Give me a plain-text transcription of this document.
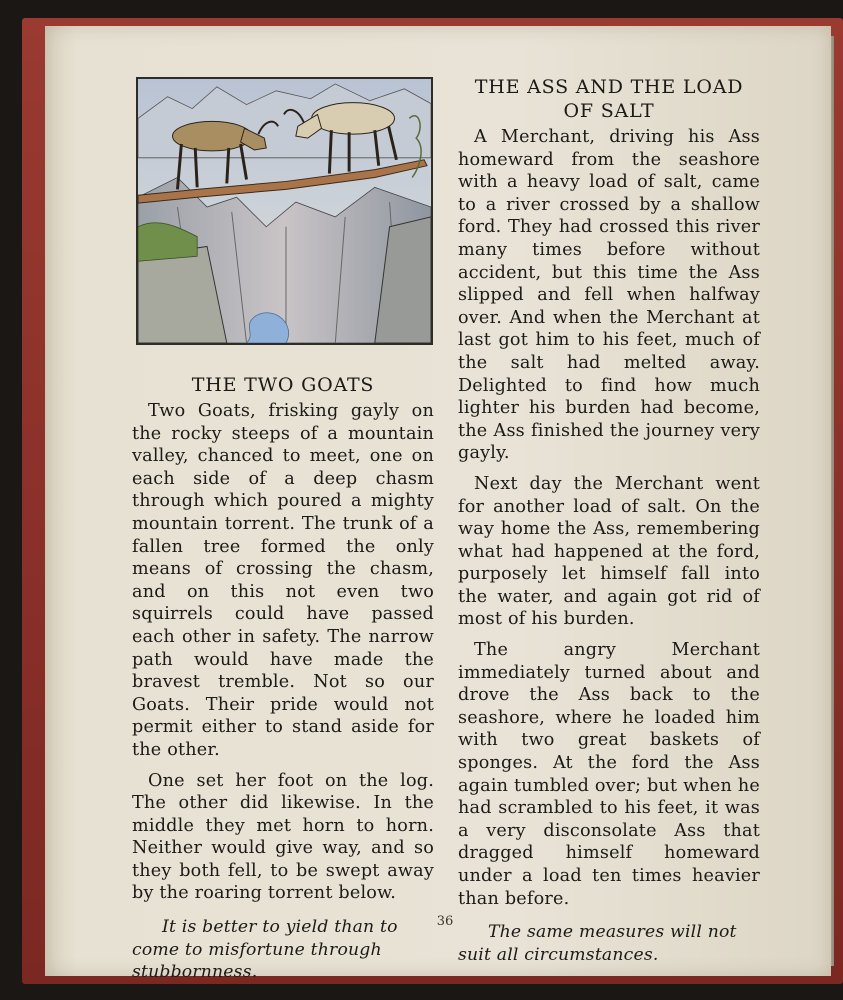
THE TWO GOATS

Two Goats, frisking gayly on the rocky steeps of a mountain valley, chanced to meet, one on each side of a deep chasm through which poured a mighty mountain torrent. The trunk of a fallen tree formed the only means of crossing the chasm, and on this not even two squirrels could have passed each other in safety. The narrow path would have made the bravest tremble. Not so our Goats. Their pride would not permit either to stand aside for the other.

One set her foot on the log. The other did likewise. In the middle they met horn to horn. Neither would give way, and so they both fell, to be swept away by the roaring torrent below.

It is better to yield than to come to misfortune through stubbornness.

THE ASS AND THE LOAD OF SALT

A Merchant, driving his Ass homeward from the seashore with a heavy load of salt, came to a river crossed by a shallow ford. They had crossed this river many times before without accident, but this time the Ass slipped and fell when halfway over. And when the Merchant at last got him to his feet, much of the salt had melted away. Delighted to find how much lighter his burden had become, the Ass finished the journey very gayly.

Next day the Merchant went for another load of salt. On the way home the Ass, remembering what had happened at the ford, purposely let himself fall into the water, and again got rid of most of his burden.

The angry Merchant immediately turned about and drove the Ass back to the seashore, where he loaded him with two great baskets of sponges. At the ford the Ass again tumbled over; but when he had scrambled to his feet, it was a very disconsolate Ass that dragged himself homeward under a load ten times heavier than before.

The same measures will not suit all circumstances.

36
